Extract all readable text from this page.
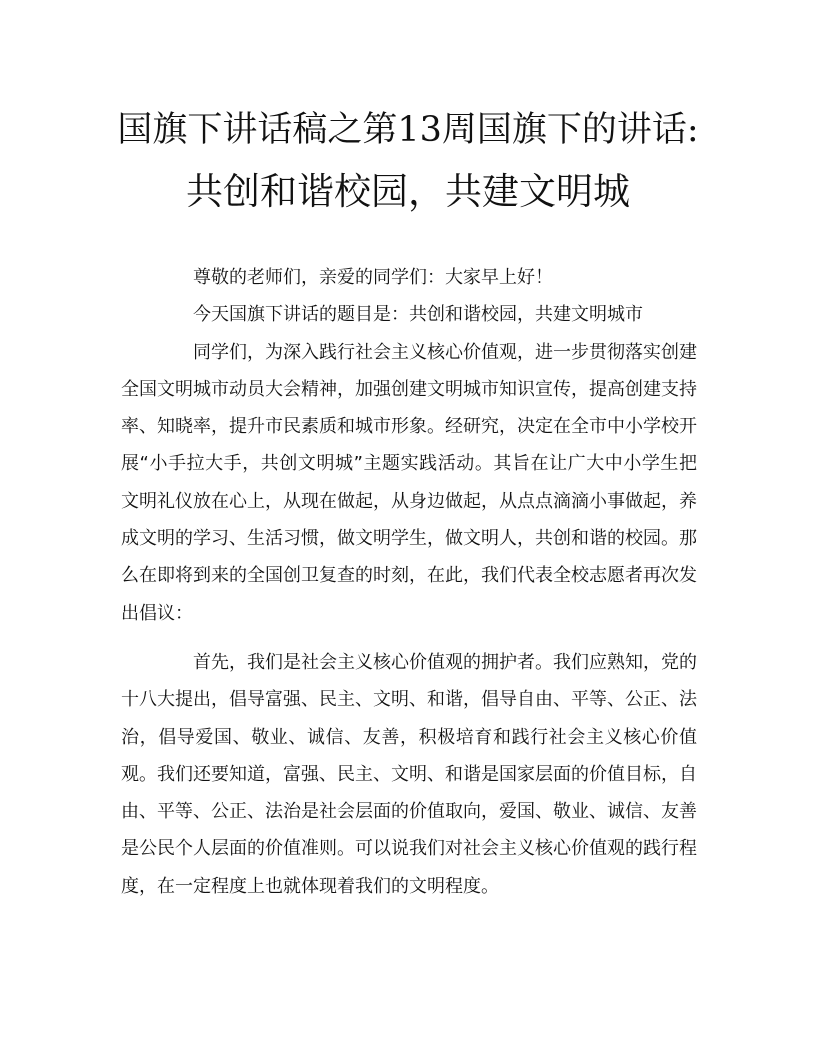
国旗下讲话稿之第13周国旗下的讲话:
共创和谐校园，共建文明城

尊敬的老师们，亲爱的同学们：大家早上好！

今天国旗下讲话的题目是：共创和谐校园，共建文明城市

同学们，为深入践行社会主义核心价值观，进一步贯彻落实创建全国文明城市动员大会精神，加强创建文明城市知识宣传，提高创建支持率、知晓率，提升市民素质和城市形象。经研究，决定在全市中小学校开展“小手拉大手，共创文明城”主题实践活动。其旨在让广大中小学生把文明礼仪放在心上，从现在做起，从身边做起，从点点滴滴小事做起，养成文明的学习、生活习惯，做文明学生，做文明人，共创和谐的校园。那么在即将到来的全国创卫复查的时刻，在此，我们代表全校志愿者再次发出倡议：

首先，我们是社会主义核心价值观的拥护者。我们应熟知，党的十八大提出，倡导富强、民主、文明、和谐，倡导自由、平等、公正、法治，倡导爱国、敬业、诚信、友善，积极培育和践行社会主义核心价值观。我们还要知道，富强、民主、文明、和谐是国家层面的价值目标，自由、平等、公正、法治是社会层面的价值取向，爱国、敬业、诚信、友善是公民个人层面的价值准则。可以说我们对社会主义核心价值观的践行程度，在一定程度上也就体现着我们的文明程度。
